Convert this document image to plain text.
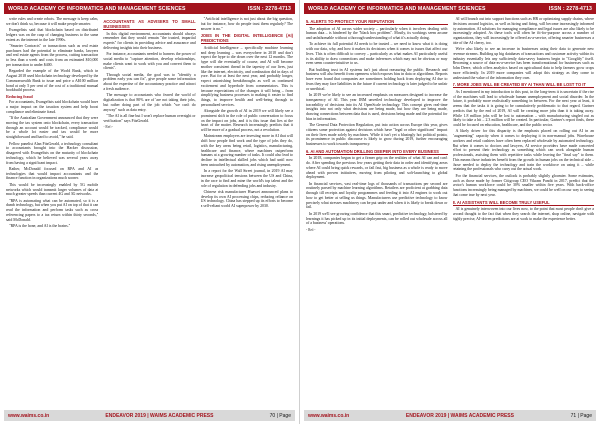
WORLD ACADEMY OF INFORMATICS AND MANAGEMENT SCIENCES	ISSN : 2278-4713

write rules and create robots. The message is keep calm, we don't think so, because it will make people smarter.

Evangelists said that blockchain based on distributed ledgers was on the cusp of changing business to the same extent as the internet in the late 1990s.

"Smarter Contracts" or transactions such as real estate purchases had the potential to eliminate banks, lawyers and real estate agents from the process, cutting transaction to less than a week and costs from an estimated $10,000 per transaction to under $400.

Regarded the example of the World Bank, which in August 2018 used blockchain technology developed by the Commonwealth Bank to issue and price a A$100 million bond at only 5 per cent of the cost of a traditional manual bookbuild process.

Reducing fraud

For accountants, Evangelists said blockchain would have a major impact on the taxation system and help boost compliance and eliminate fraud.

"If the Australian Government announced that they were moving the tax system onto blockchain, every transaction through an account would be tracked, compliance would be a whole lot easier and tax would be more straightforward and hard to avoid," he said.

Fellow panelist Alan FitzGerald, a technology consultant to accountants brought into the Hacker discussion, disagreed with Evangelists on the maturity of blockchain technology, which he believed was several years away from having a significant impact.

Rather, McDonald focused on RPA and AI as technologies that would impact accountants and the finance function in organizations much sooner.

This would be increasingly enabled by 5G mobile networks which would transmit larger volumes of data at much greater speeds than current 4G and 3G networks.

"RPA is automating what can be automated, so it is a dumb technology, but when you put AI on top of that it can read the information and perform tasks such as cross referencing papers to a tax return within thirty seconds," said McDonald.

"RPA is the hone, and AI is the brains."

ACCOUNTANTS AS ADVISERS TO SMALL BUSINESSES

In this digital environment, accountants should always remember that they would remain "the trusted, impartial experts" for clients in providing advice and assurance and delivering insights into their business.

For instance, accountants needed to harness the power of social media to "capture attention, develop relationships, make clients want to work with you and convert them to clients".

Through social media, the goal was to "identify a problem early you can fix", give people some information about the expertise of the accountancy practice and attract a fresh audience.

The message to accountants who feared the world of digitalization is that 80% are of 'are not taking their jobs, but rather doing part of the job which "we can't do anyway" such as data entry.

"The AI is all fine but I won't replace human oversight or verification" says FitzGerald.

- Ref:-

"Artificial intelligence is not just about the big question, but for instance, how do people trust them regularly? The answer is no."

JOBS IN THE DIGITAL INTELLIGENCE (AI) PREDICTIONS

Artificial Intelligence – specifically machine learning and deep learning – was everywhere in 2018 and don't expect the hype to die down over the next 12 months. The hype will die eventually of course, and AI will become another consistent thread in the tapestry of our lives, just like the internet, electricity, and combustion did in days of yore. But for at least the next year, and probably longer, expect astonishing breakthroughs as well as continued excitement and hyperbole from commentators. This is because expectations of the changes it will bring – from simplifying business processes to making it easier to find things, to improve health and well-being through to personalized services.

Alongside the growth of AI in 2019 we will likely see a prominent shift in the role of public conversation to focus on the impact on jobs, and it is this issue that lies at the heart of the matter. Research increasingly predicts that it will be more of a gradual process, not a revolution.

Mainstream employers are investing more in AI that will shift how people find work and the type of jobs they do, with the key areas being retail, logistics, manufacturing, healthcare and finance, where machines outperform humans at a growing number of tasks. It could also lead to decline in intellectual skilled jobs which had until now been untouched by automation, and rising unemployment.

In a report for the Wall Street journal, in 2019 AI may increase geopolitical tensions between the US and China, in the race to find and mine the world's top talent and the role of regulation in defending jobs and industry.

Chinese risk manufacturer Huawei announced plans to develop its own AI processing chips, reducing reliance on US technology. China has stepped up its efforts to become a self-reliant world AI superpower by 2030.

www.waims.co.in	ENDEAVOR 2019 | WAIMS ACADEMIC PRESS	70 | Page
WORLD ACADEMY OF INFORMATICS AND MANAGEMENT SCIENCES	ISSN : 2278-4713
5. ALERTS TO PROTECT YOUR REPUTATION

The adoption of AI across wider society – particularly when it involves dealing with human data – is hindered by the "black box problem". Mostly, its workings seem arcane and unfathomable without a thorough understanding of what it's actually doing.

To achieve its full potential AI needs to be trusted – we need to know what it is doing with our data, why, and how it makes its decisions when it comes to issues that affect our lives. This is often difficult to convey – particularly as what makes AI particularly useful is its ability to draw connections and make inferences which may not be obvious or may even seem counter-intuitive to us.

But building trust in AI systems isn't just about reassuring the public. Research and business will also benefit from openness which exposes bias in data or algorithms. Reports have even found that companies are sometimes holding back from deploying AI due to fears they may face liabilities in the future if current technology is later judged to be unfair or unethical.

In 2019 we're likely to see an increased emphasis on measures designed to increase the transparency of AI. This year IBM unveiled technology developed to improve the traceability of decisions into its AI OpenScale technology. This concept gives real-time insights into not only what decisions are being made, but how they are being made, drawing connections between data that is used, decisions being made and the potential for bias in information.

The General Data Protection Regulation, put into action across Europe this year, gives citizens some protection against decisions which have "legal or other significant" impact on their lives made solely by machines. While it isn't yet a blazingly hot political potato, its prominence in public discourse is likely to grow during 2019, further encouraging businesses to work towards transparency.

6. AI AND AUTOMATION DRILLING DEEPER INTO EVERY BUSINESS

In 2018, companies began to get a firmer grip on the realities of what AI can and can't do. After spending the previous few years getting their data in order and identifying areas where AI could bring quick rewards, or fail fast, big business as a whole is ready to move ahead with proven initiatives, moving from piloting and soft-launching to global deployment.

In financial services, vast real-time logs of thousands of transactions per second are routinely parsed by machine learning algorithms. Retailers are proficient at grabbing data through till receipts and loyalty programmes and feeding it into AI engines to work out how to get better at selling us things. Manufacturers use predictive technology to know precisely what stresses machinery can be put under and when it is likely to break down or fail.

In 2019 we'll see growing confidence that this smart, predictive technology, bolstered by learnings it has picked up in its initial deployments, can be rolled out wholesale across all of a business' operations.

- Ref:-

AI will branch out into support functions such as HR or optimizing supply chains, where decisions around logistics, as well as hiring and firing, will become increasingly informed by automation. AI solutions for managing compliance and legal issues are also likely to be increasingly adopted. As these tools will often be fit-for-purpose across a number of organizations, they will increasingly be offered as-a-service, offering smarter businesses a bite of the AI cherry, too.

We're also likely to see an increase in businesses using their data to generate new revenue streams. Building up big databases of transactions and customer activity within its industry essentially lets any sufficiently data-savvy business begin to "Googlify" itself. Becoming a source of data-as-a-service has been transformational for businesses such as John Deere, which offers analytics based on agricultural data to help farmers grow crops more efficiently. In 2019 more companies will adopt this strategy as they come to understand the value of the information they own.

7. MORE JOBS WILL BE CREATED BY AI THAN WILL BE LOST TO IT

As I mentioned in my introduction to this post, in the long-term it is uncertain if the rise of the machines will lead to wholesale human unemployment and social disorder. In the future, it probably more realistically something in between. For the next year at least, it seems that the tasks it is going to be cumulatively problematic to that regard. Gartner predicts that by the end of 2019, AI will be creating more jobs than it is taking away. While 1.8 million jobs will be lost to automation – with manufacturing singled out as likely to take a hit – 2.3 million will be created. In particular, Gartner's report finds, these could be focused on education, healthcare, and the public sector.

A likely driver for this disparity is the emphasis placed on rolling out AI in an "augmenting" capacity when it comes to deploying it in non-manual jobs. Warehouse workers and retail cashiers have often been replaced wholesale by automated technology. But when it comes to doctors and lawyers, AI service providers have made concerted effort to present their technology as something which can work alongside human professionals, assisting them with repetitive tasks while leaving the "final say" to them. This means those industries benefit from the growth in human jobs on the technical side – those needed to deploy the technology and train the workforce on using it – while retaining the professionals who carry out the actual work.

For the financial services, the outlook is probably slightly gloomier. Some estimates, such as those made by former Citigroup CEO Vikram Pandit in 2017, predict that the sector's human workforce could be 30% smaller within five years. With back-office functions increasingly being managed by machines, we could be well on our way to seeing that come true by next year.

8. AI ASSISTANTS WILL BECOME TRULY USEFUL

AI is genuinely interwoven into our lives now, to the point that most people don't give a second thought to the fact that when they search the internet, shop online, navigate with highly precise, AI-driven predictions are at work to make the experience better.

www.waims.co.in	ENDEAVOR 2019 | WAIMS ACADEMIC PRESS	71 | Page
